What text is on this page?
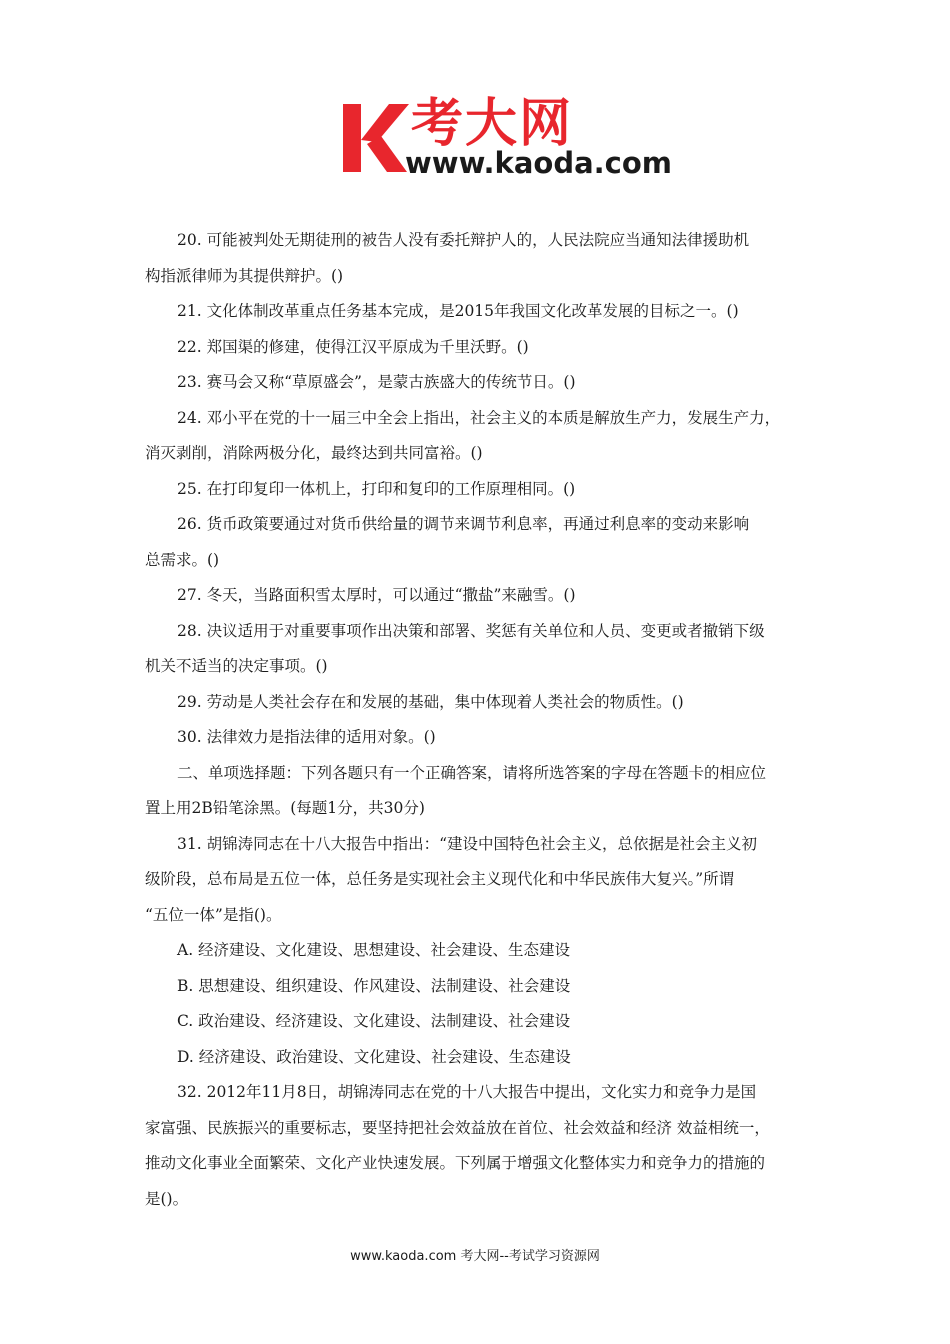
考大网
www.kaoda.com
20. 可能被判处无期徒刑的被告人没有委托辩护人的，人民法院应当通知法律援助机
构指派律师为其提供辩护。()
21. 文化体制改革重点任务基本完成，是2015年我国文化改革发展的目标之一。()
22. 郑国渠的修建，使得江汉平原成为千里沃野。()
23. 赛马会又称“草原盛会”，是蒙古族盛大的传统节日。()
24. 邓小平在党的十一届三中全会上指出，社会主义的本质是解放生产力，发展生产力，
消灭剥削，消除两极分化，最终达到共同富裕。()
25. 在打印复印一体机上，打印和复印的工作原理相同。()
26. 货币政策要通过对货币供给量的调节来调节利息率，再通过利息率的变动来影响
总需求。()
27. 冬天，当路面积雪太厚时，可以通过“撒盐”来融雪。()
28. 决议适用于对重要事项作出决策和部署、奖惩有关单位和人员、变更或者撤销下级
机关不适当的决定事项。()
29. 劳动是人类社会存在和发展的基础，集中体现着人类社会的物质性。()
30. 法律效力是指法律的适用对象。()
二、单项选择题：下列各题只有一个正确答案，请将所选答案的字母在答题卡的相应位
置上用2B铅笔涂黑。(每题1分，共30分)
31. 胡锦涛同志在十八大报告中指出：“建设中国特色社会主义，总依据是社会主义初
级阶段，总布局是五位一体，总任务是实现社会主义现代化和中华民族伟大复兴。”所谓
“五位一体”是指()。
A. 经济建设、文化建设、思想建设、社会建设、生态建设
B. 思想建设、组织建设、作风建设、法制建设、社会建设
C. 政治建设、经济建设、文化建设、法制建设、社会建设
D. 经济建设、政治建设、文化建设、社会建设、生态建设
32. 2012年11月8日，胡锦涛同志在党的十八大报告中提出，文化实力和竞争力是国
家富强、民族振兴的重要标志，要坚持把社会效益放在首位、社会效益和经济 效益相统一，
推动文化事业全面繁荣、文化产业快速发展。下列属于增强文化整体实力和竞争力的措施的
是()。
www.kaoda.com 考大网--考试学习资源网
